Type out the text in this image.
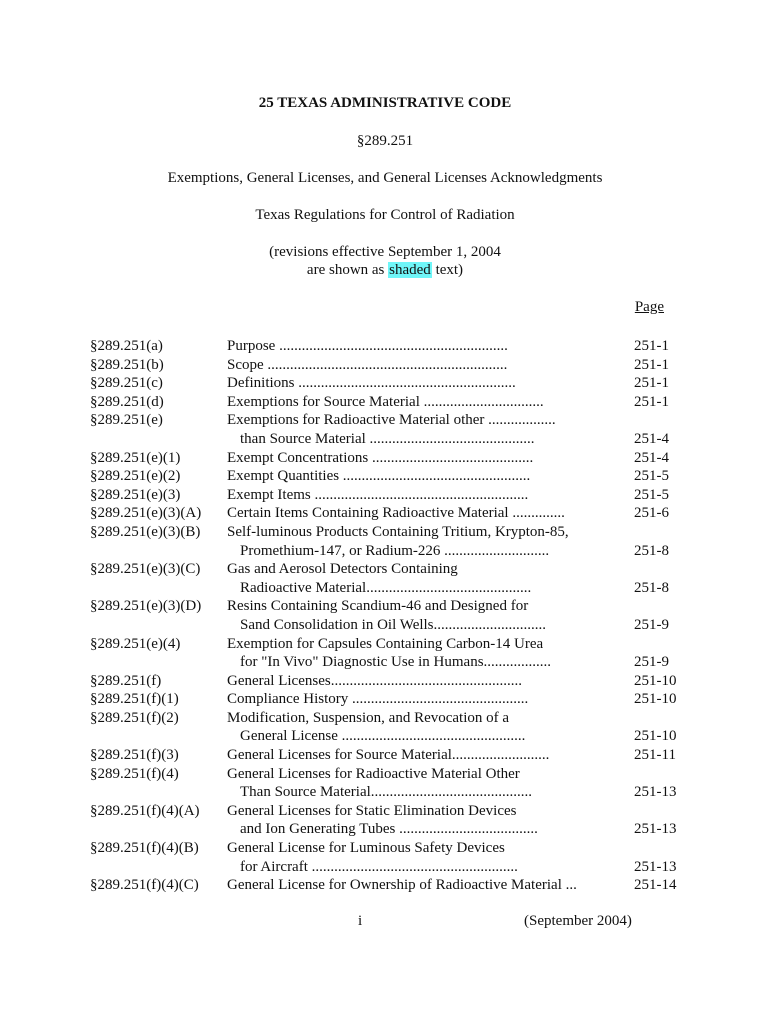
25 TEXAS ADMINISTRATIVE CODE
§289.251
Exemptions, General Licenses, and General Licenses Acknowledgments
Texas Regulations for Control of Radiation
(revisions effective September 1, 2004
are shown as shaded text)
Page
§289.251(a)	Purpose .............................................................	251-1
§289.251(b)	Scope ................................................................	251-1
§289.251(c)	Definitions ..........................................................	251-1
§289.251(d)	Exemptions for Source Material ................................	251-1
§289.251(e)	Exemptions for Radioactive Material other ..................
than Source Material ............................................	251-4
§289.251(e)(1)	Exempt Concentrations ...........................................	251-4
§289.251(e)(2)	Exempt Quantities ..................................................	251-5
§289.251(e)(3)	Exempt Items .........................................................	251-5
§289.251(e)(3)(A) Certain Items Containing Radioactive Material ..............	251-6
§289.251(e)(3)(B) Self-luminous Products Containing Tritium, Krypton-85,
Promethium-147, or Radium-226 ............................	251-8
§289.251(e)(3)(C) Gas and Aerosol Detectors Containing
Radioactive Material............................................	251-8
§289.251(e)(3)(D) Resins Containing Scandium-46 and Designed for
Sand Consolidation in Oil Wells..............................	251-9
§289.251(e)(4)	Exemption for Capsules Containing Carbon-14 Urea
for "In Vivo" Diagnostic Use in Humans..................	251-9
§289.251(f)	General Licenses...................................................	251-10
§289.251(f)(1)	Compliance History ...............................................	251-10
§289.251(f)(2)	Modification, Suspension, and Revocation of a
General License .................................................	251-10
§289.251(f)(3)	General Licenses for Source Material..........................	251-11
§289.251(f)(4)	General Licenses for Radioactive Material Other
Than Source Material...........................................	251-13
§289.251(f)(4)(A) General Licenses for Static Elimination Devices
and Ion Generating Tubes .....................................	251-13
§289.251(f)(4)(B) General License for Luminous Safety Devices
for Aircraft .......................................................	251-13
§289.251(f)(4)(C) General License for Ownership of Radioactive Material ...	251-14
i	(September 2004)
